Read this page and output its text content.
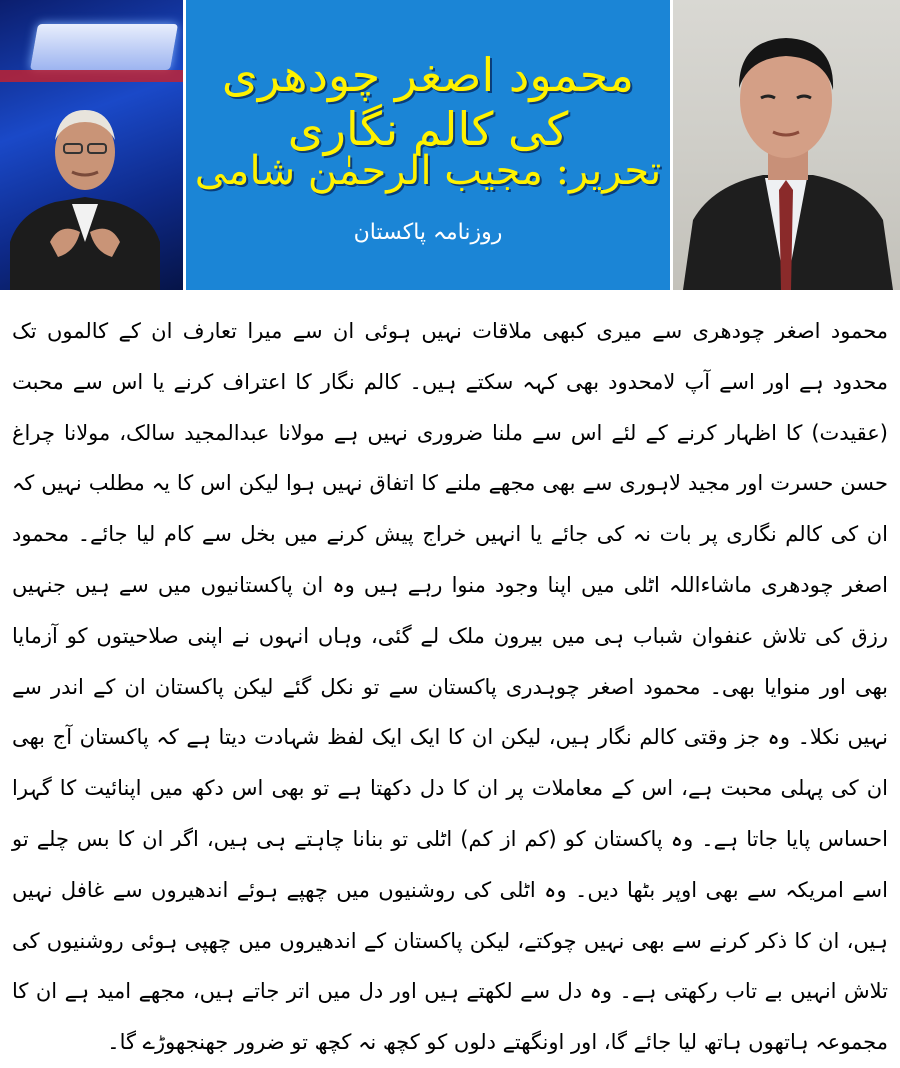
محمود اصغر چودھری کی کالم نگاری
تحریر: مجیب الرحمٰن شامی
روزنامہ پاکستان

محمود اصغر چودھری سے میری کبھی ملاقات نہیں ہوئی ان سے میرا تعارف ان کے کالموں تک محدود ہے اور اسے آپ لامحدود بھی کہہ سکتے ہیں۔ کالم نگار کا اعتراف کرنے یا اس سے محبت (عقیدت) کا اظہار کرنے کے لئے اس سے ملنا ضروری نہیں ہے مولانا عبدالمجید سالک، مولانا چراغ حسن حسرت اور مجید لاہوری سے بھی مجھے ملنے کا اتفاق نہیں ہوا لیکن اس کا یہ مطلب نہیں کہ ان کی کالم نگاری پر بات نہ کی جائے یا انہیں خراج پیش کرنے میں بخل سے کام لیا جائے۔ محمود اصغر چودھری ماشاءاللہ اٹلی میں اپنا وجود منوا رہے ہیں وہ ان پاکستانیوں میں سے ہیں جنہیں رزق کی تلاش عنفوان شباب ہی میں بیرون ملک لے گئی، وہاں انہوں نے اپنی صلاحیتوں کو آزمایا بھی اور منوایا بھی۔ محمود اصغر چوہدری پاکستان سے تو نکل گئے لیکن پاکستان ان کے اندر سے نہیں نکلا۔ وہ جز وقتی کالم نگار ہیں، لیکن ان کا ایک ایک لفظ شہادت دیتا ہے کہ پاکستان آج بھی ان کی پہلی محبت ہے، اس کے معاملات پر ان کا دل دکھتا ہے تو بھی اس دکھ میں اپنائیت کا گہرا احساس پایا جاتا ہے۔ وہ پاکستان کو (کم از کم) اٹلی تو بنانا چاہتے ہی ہیں، اگر ان کا بس چلے تو اسے امریکہ سے بھی اوپر بٹھا دیں۔ وہ اٹلی کی روشنیوں میں چھپے ہوئے اندھیروں سے غافل نہیں ہیں، ان کا ذکر کرنے سے بھی نہیں چوکتے، لیکن پاکستان کے اندھیروں میں چھپی ہوئی روشنیوں کی تلاش انہیں بے تاب رکھتی ہے۔ وہ دل سے لکھتے ہیں اور دل میں اتر جاتے ہیں، مجھے امید ہے ان کا مجموعہ ہاتھوں ہاتھ لیا جائے گا، اور اونگھتے دلوں کو کچھ نہ کچھ تو ضرور جھنجھوڑے گا۔
